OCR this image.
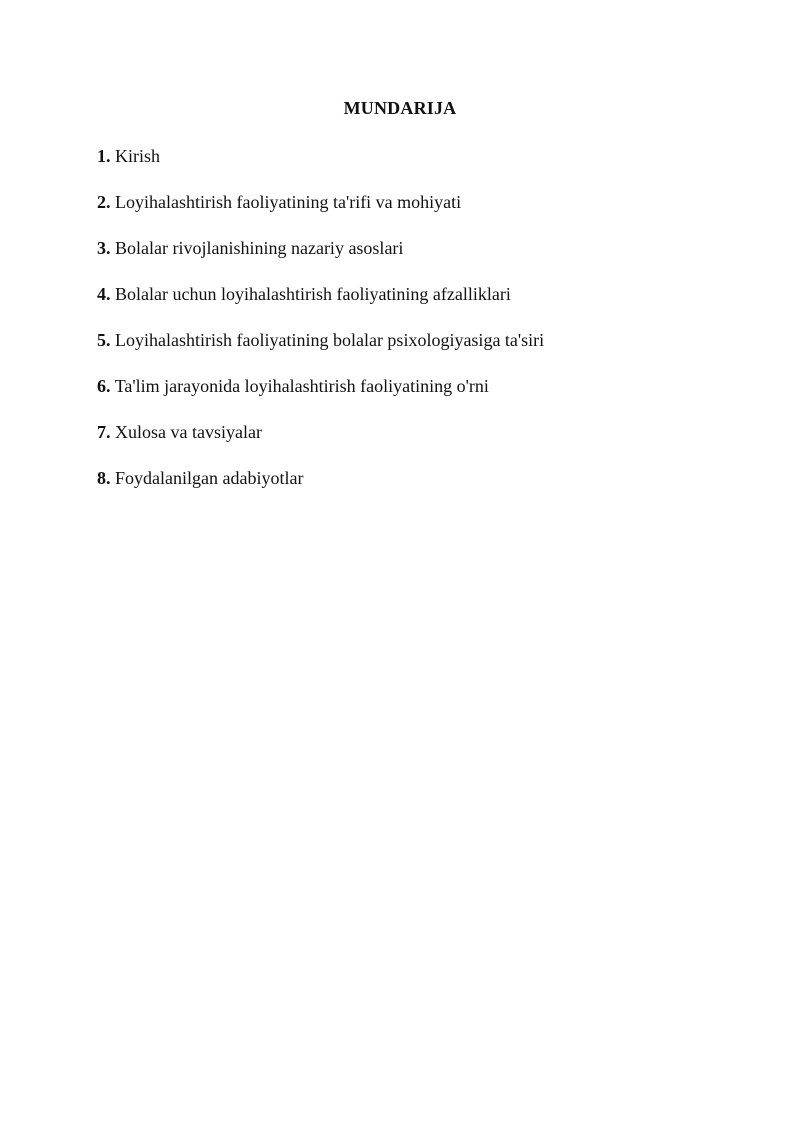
MUNDARIJA
1. Kirish
2. Loyihalashtirish faoliyatining ta'rifi va mohiyati
3. Bolalar rivojlanishining nazariy asoslari
4. Bolalar uchun loyihalashtirish faoliyatining afzalliklari
5. Loyihalashtirish faoliyatining bolalar psixologiyasiga ta'siri
6. Ta'lim jarayonida loyihalashtirish faoliyatining o'rni
7. Xulosa va tavsiyalar
8. Foydalanilgan adabiyotlar
